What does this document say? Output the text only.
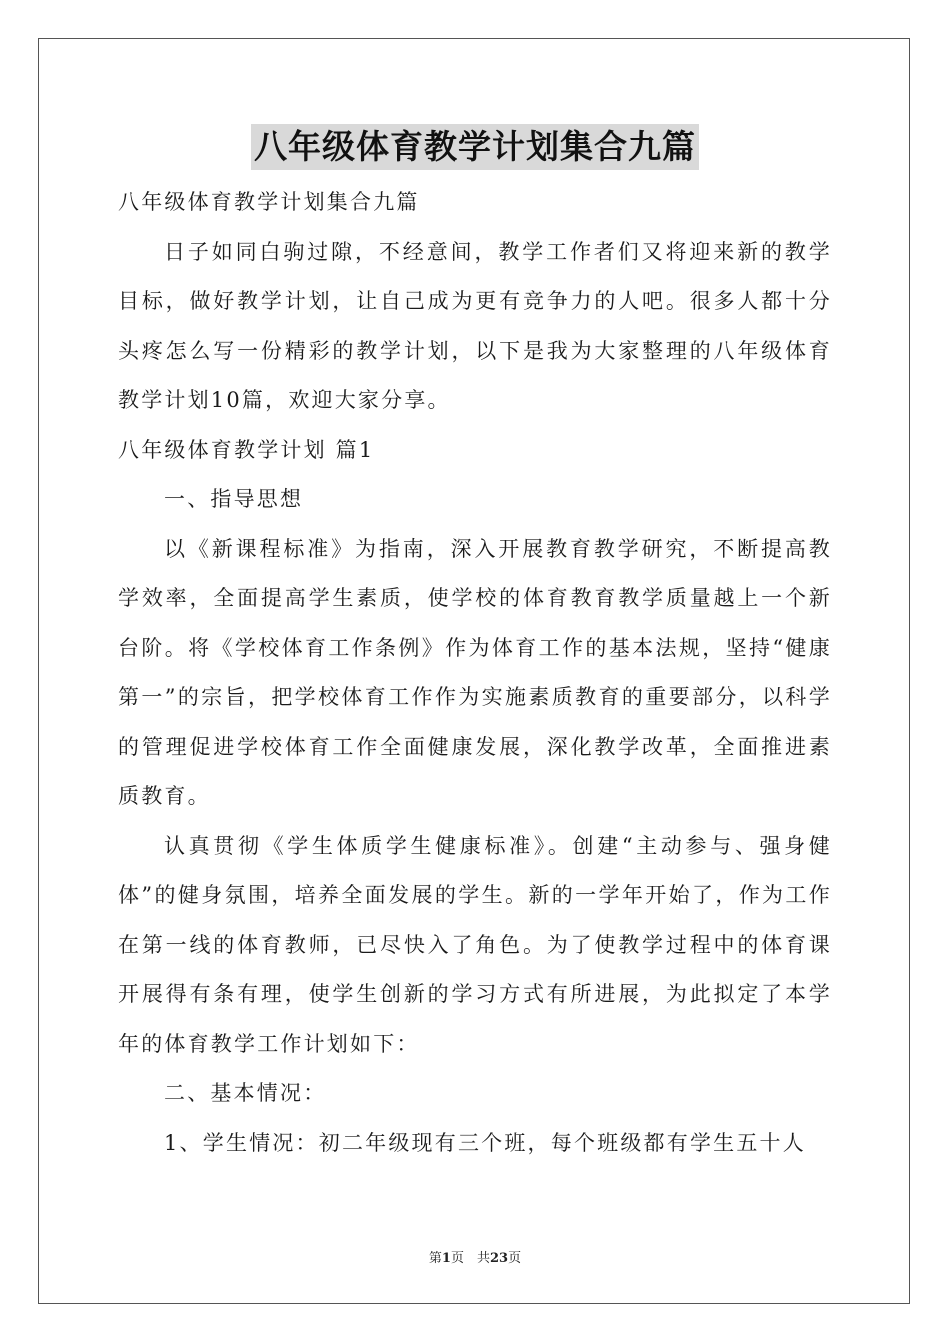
八年级体育教学计划集合九篇

八年级体育教学计划集合九篇

日子如同白驹过隙，不经意间，教学工作者们又将迎来新的教学目标，做好教学计划，让自己成为更有竞争力的人吧。很多人都十分头疼怎么写一份精彩的教学计划，以下是我为大家整理的八年级体育教学计划10篇，欢迎大家分享。

八年级体育教学计划 篇1

一、指导思想

以《新课程标准》为指南，深入开展教育教学研究，不断提高教学效率，全面提高学生素质，使学校的体育教育教学质量越上一个新台阶。将《学校体育工作条例》作为体育工作的基本法规，坚持“健康第一”的宗旨，把学校体育工作作为实施素质教育的重要部分，以科学的管理促进学校体育工作全面健康发展，深化教学改革，全面推进素质教育。

认真贯彻《学生体质学生健康标准》。创建“主动参与、强身健体”的健身氛围，培养全面发展的学生。新的一学年开始了，作为工作在第一线的体育教师，已尽快入了角色。为了使教学过程中的体育课开展得有条有理，使学生创新的学习方式有所进展，为此拟定了本学年的体育教学工作计划如下：

二、基本情况：

1、学生情况：初二年级现有三个班，每个班级都有学生五十人

第1页　共23页
